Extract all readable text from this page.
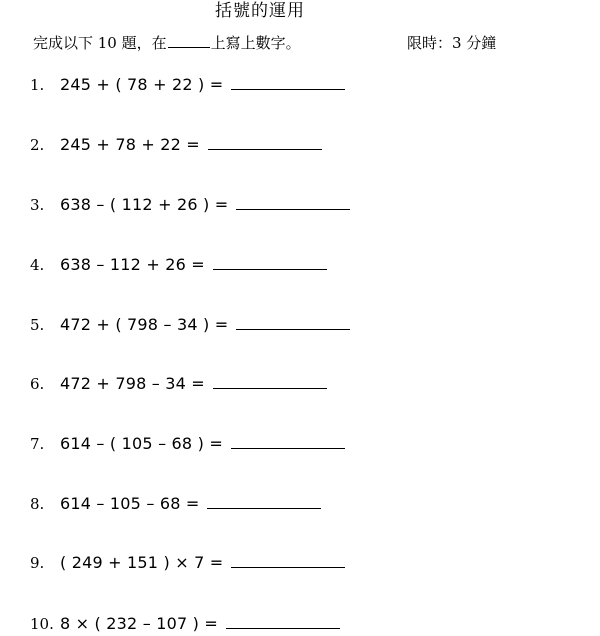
括號的運用
完成以下 10 題，在	上寫上數字。	限時：3 分鐘
1. 245 + ( 78 + 22 ) =
2. 245 + 78 + 22 =
3. 638 – ( 112 + 26 ) =
4. 638 – 112 + 26 =
5. 472 + ( 798 – 34 ) =
6. 472 + 798 – 34 =
7. 614 – ( 105 – 68 ) =
8. 614 – 105 – 68 =
9. ( 249 + 151 ) × 7 =
10. 8 × ( 232 – 107 ) =
